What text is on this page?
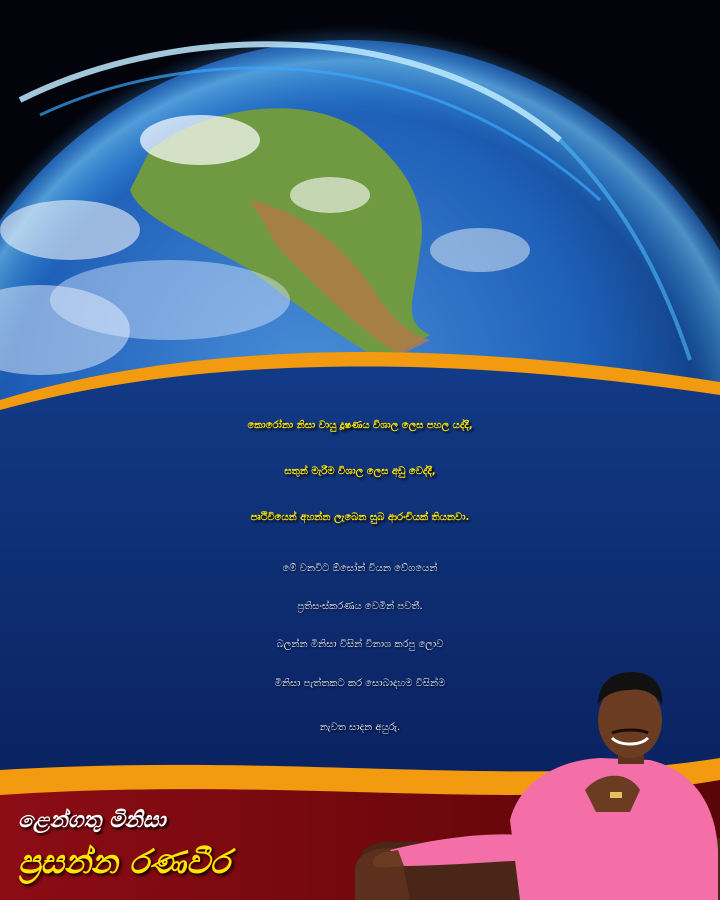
කොරෝනා නිසා වායු දූෂණය විශාල ලෙස පහල යද්දී,

සතුන් මැරීම විශාල ලෙස අඩු වෙද්දී,

පෘථිවියෙන් අහන්න ලැබෙන සුබ ආරංචියක් තියනවා.

මේ වනවිට ඕසෝන් වියන වේගයෙන්

ප්‍රතිසංස්කරණය වෙමින් පවතී.

බලන්න මිනිසා විසින් විනාශ කරපු ලොව

මිනිසා පැත්තකට කර සොබාදහම විසින්ම

නැවත සාදන අයුරු.

ළෙන්ගතු මිනිසා
ප්‍රසන්න රණවීර
